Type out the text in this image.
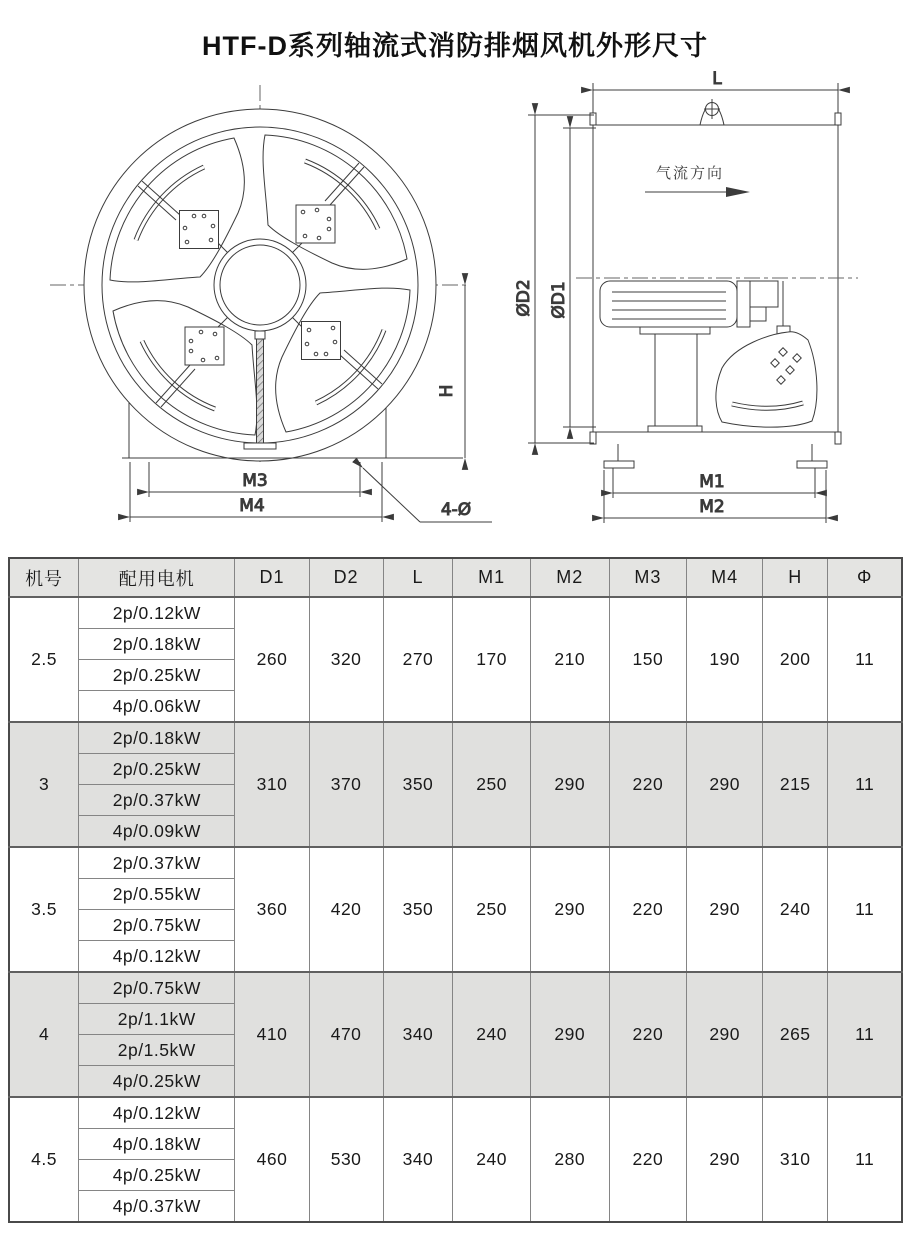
HTF-D系列轴流式消防排烟风机外形尺寸
H
M3
M4	4-Ø
L
气流方向
ØD2 ØD1
M1
M2
机号	配用电机	D1	D2	L	M1	M2	M3	M4	H	Φ
2.5	2p/0.12kW	260	320	270	170	210	150	190	200	11
	2p/0.18kW									
	2p/0.25kW									
	4p/0.06kW									
3	2p/0.18kW	310	370	350	250	290	220	290	215	11
	2p/0.25kW									
	2p/0.37kW									
	4p/0.09kW									
3.5	2p/0.37kW	360	420	350	250	290	220	290	240	11
	2p/0.55kW									
	2p/0.75kW									
	4p/0.12kW									
4	2p/0.75kW	410	470	340	240	290	220	290	265	11
	2p/1.1kW									
	2p/1.5kW									
	4p/0.25kW									
4.5	4p/0.12kW	460	530	340	240	280	220	290	310	11
	4p/0.18kW									
	4p/0.25kW									
	4p/0.37kW									
